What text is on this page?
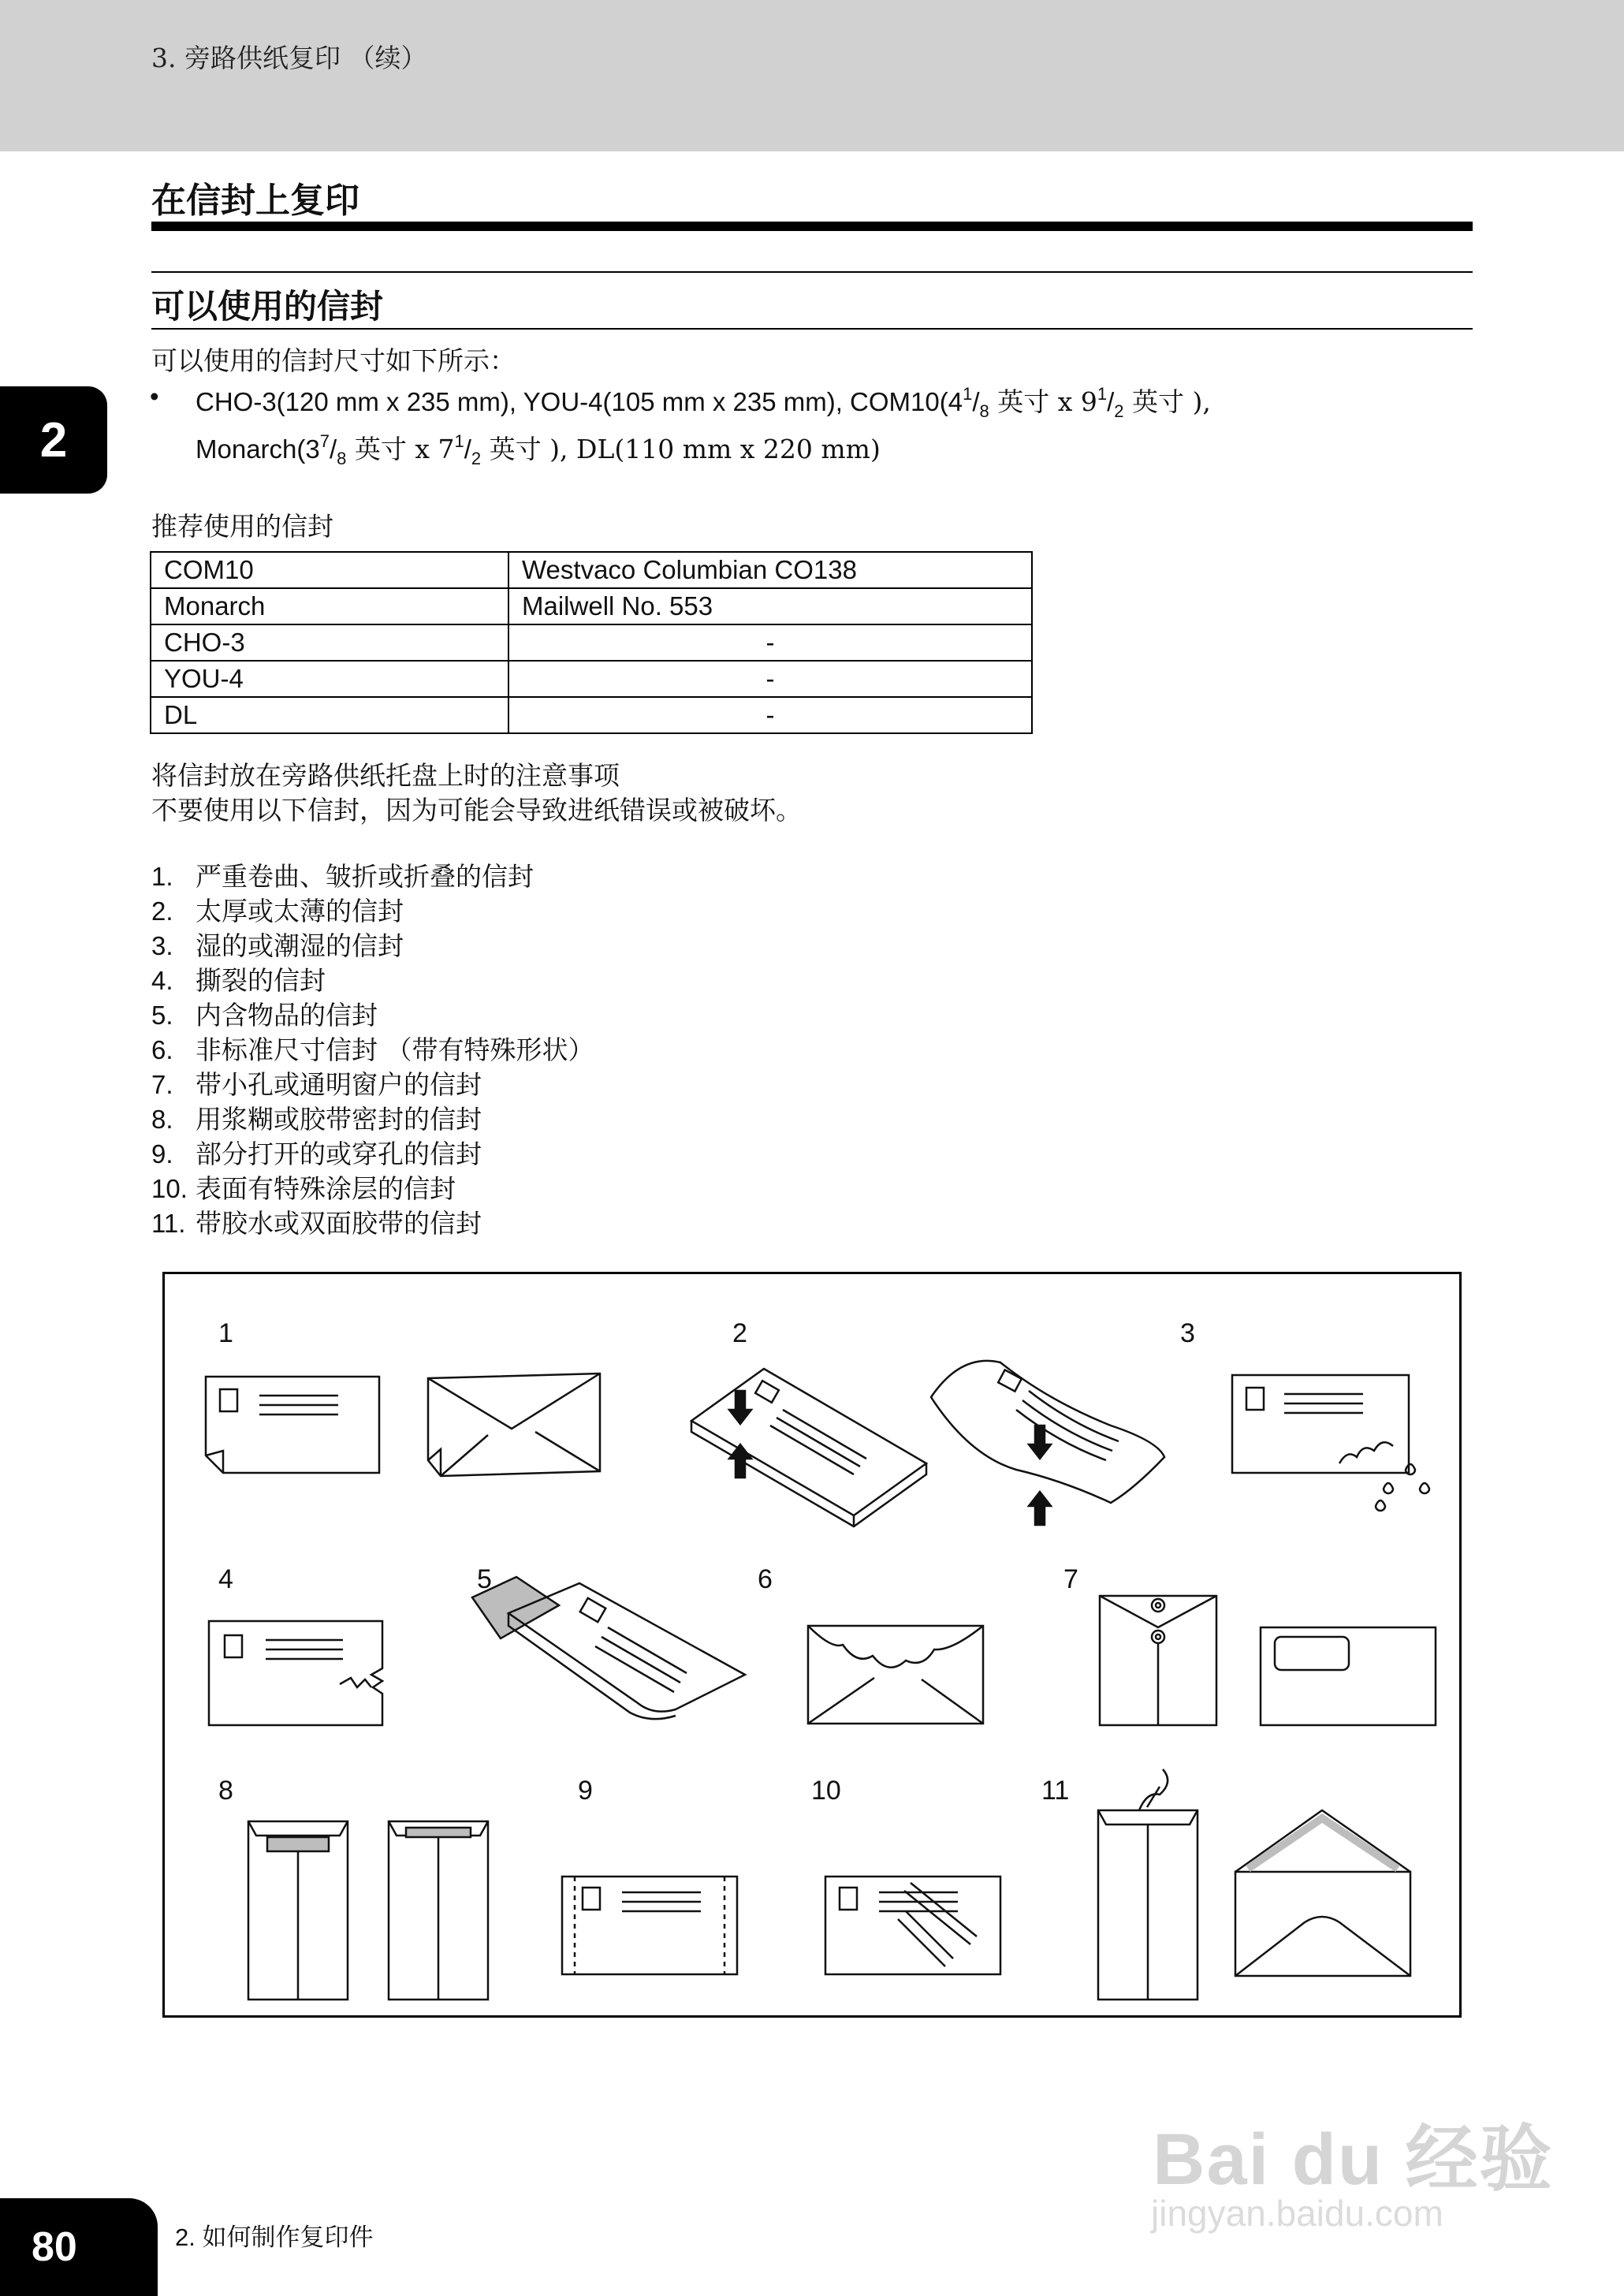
3. 旁路供纸复印 （续）
在信封上复印
可以使用的信封
2
可以使用的信封尺寸如下所示：
• CHO-3(120 mm x 235 mm), YOU-4(105 mm x 235 mm), $COM10(4^1/_8$ 英寸 x $9^1/_2$ 英寸 ),
$Monarch(3^7/_8$ 英寸 x $7^1/_2$ 英寸 ), DL(110 mm x 220 mm)
推荐使用的信封
COM10	Westvaco Columbian CO138
Monarch	Mailwell No. 553
CHO-3	-
YOU-4	-
DL	-
将信封放在旁路供纸托盘上时的注意事项
不要使用以下信封，因为可能会导致进纸错误或被破坏。
1. 严重卷曲、皱折或折叠的信封
2. 太厚或太薄的信封
3. 湿的或潮湿的信封
4. 撕裂的信封
5. 内含物品的信封
6. 非标准尺寸信封 （带有特殊形状）
7. 带小孔或通明窗户的信封
8. 用浆糊或胶带密封的信封
9. 部分打开的或穿孔的信封
10. 表面有特殊涂层的信封
11. 带胶水或双面胶带的信封
1	2	3
4	5	6	7
8	9	10	11
80	2. 如何制作复印件
Bai du 经验
jingyan.baidu.com
